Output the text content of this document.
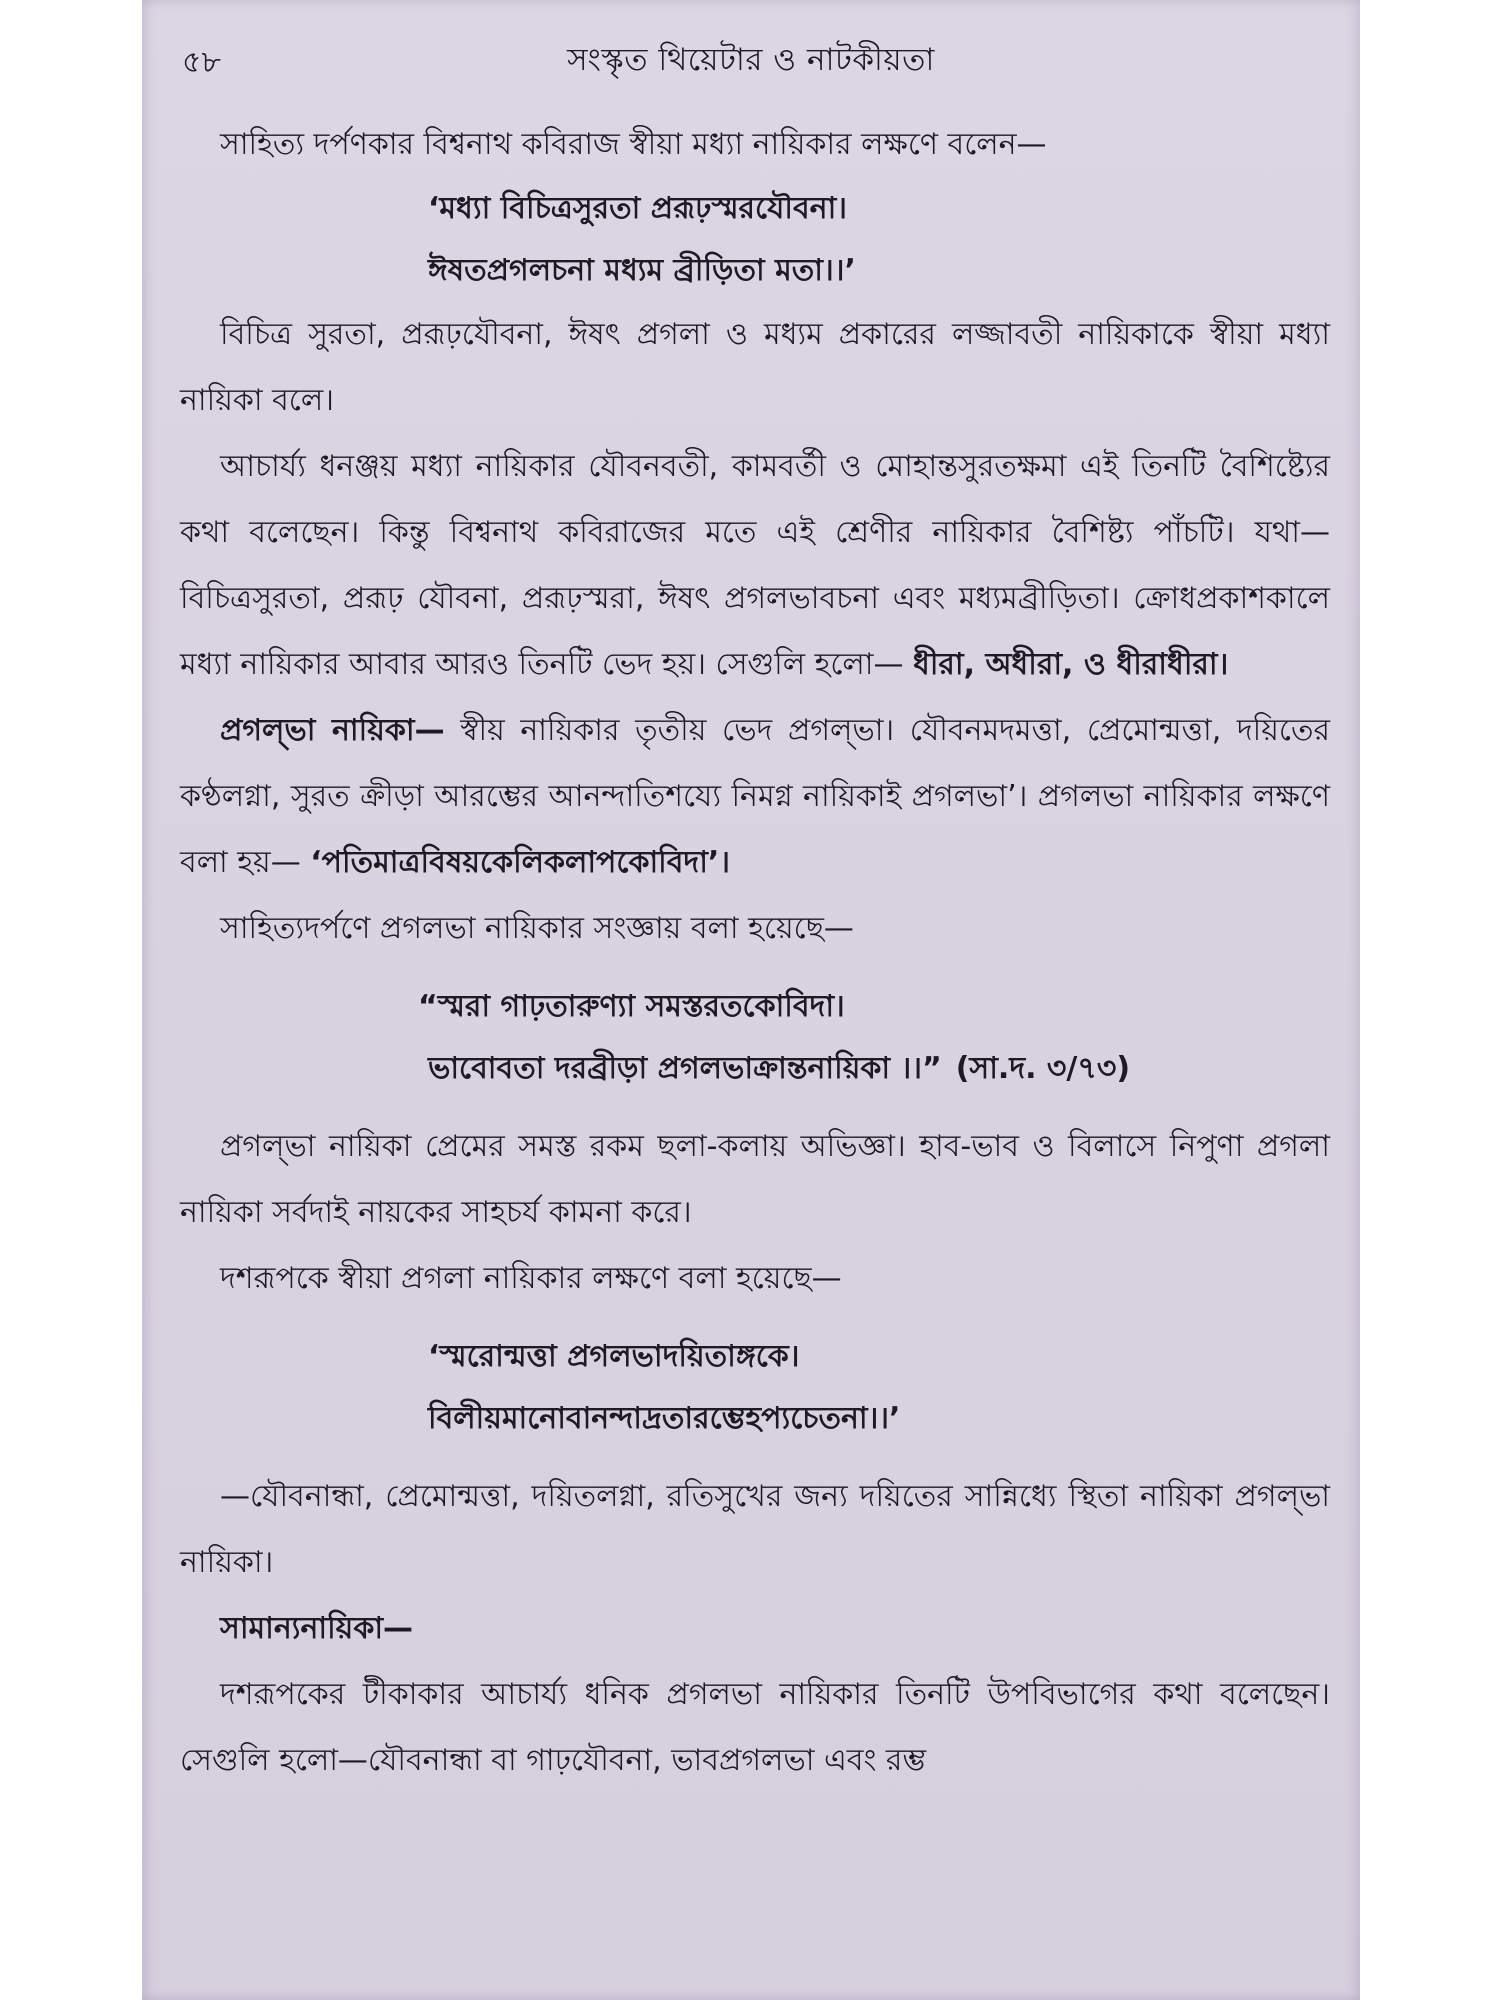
৫৮	সংস্কৃত থিয়েটার ও নাটকীয়তা

সাহিত্য দর্পণকার বিশ্বনাথ কবিরাজ স্বীয়া মধ্যা নায়িকার লক্ষণে বলেন—

‘মধ্যা বিচিত্রসুরতা প্ররূঢ়স্মরযৌবনা।
ঈষতপ্রগলচনা মধ্যম ব্রীড়িতা মতা।।’

বিচিত্র সুরতা, প্ররূঢ়যৌবনা, ঈষৎ প্রগলা ও মধ্যম প্রকারের লজ্জাবতী নায়িকাকে স্বীয়া মধ্যা নায়িকা বলে।

আচার্য্য ধনঞ্জয় মধ্যা নায়িকার যৌবনবতী, কামবর্তী ও মোহান্তসুরতক্ষমা এই তিনটি বৈশিষ্ট্যের কথা বলেছেন। কিন্তু বিশ্বনাথ কবিরাজের মতে এই শ্রেণীর নায়িকার বৈশিষ্ট্য পাঁচটি। যথা— বিচিত্রসুরতা, প্ররূঢ় যৌবনা, প্ররূঢ়স্মরা, ঈষৎ প্রগলভাবচনা এবং মধ্যমব্রীড়িতা। ক্রোধপ্রকাশকালে মধ্যা নায়িকার আবার আরও তিনটি ভেদ হয়। সেগুলি হলো— ধীরা, অধীরা, ও ধীরাধীরা।

প্রগল্ভা নায়িকা— স্বীয় নায়িকার তৃতীয় ভেদ প্রগল্ভা। যৌবনমদমত্তা, প্রেমোন্মত্তা, দয়িতের কণ্ঠলগ্না, সুরত ক্রীড়া আরম্ভের আনন্দাতিশয্যে নিমগ্ন নায়িকাই প্রগলভা’। প্রগলভা নায়িকার লক্ষণে বলা হয়— ‘পতিমাত্রবিষয়কেলিকলাপকোবিদা’।

সাহিত্যদর্পণে প্রগলভা নায়িকার সংজ্ঞায় বলা হয়েছে—

“স্মরা গাঢ়তারুণ্যা সমস্তরতকোবিদা।
ভাবোবতা দরব্রীড়া প্রগলভাক্রান্তনায়িকা ।।” (সা.দ. ৩/৭৩)

প্রগল্ভা নায়িকা প্রেমের সমস্ত রকম ছলা-কলায় অভিজ্ঞা। হাব-ভাব ও বিলাসে নিপুণা প্রগলা নায়িকা সর্বদাই নায়কের সাহচর্য কামনা করে।

দশরূপকে স্বীয়া প্রগলা নায়িকার লক্ষণে বলা হয়েছে—

‘স্মরোন্মত্তা প্রগলভাদয়িতাঙ্গকে।
বিলীয়মানোবানন্দাদ্রতারম্ভেহপ্যচেতনা।।’

—যৌবনান্ধা, প্রেমোন্মত্তা, দয়িতলগ্না, রতিসুখের জন্য দয়িতের সান্নিধ্যে স্থিতা নায়িকা প্রগল্ভা নায়িকা।

সামান্যনায়িকা—

দশরূপকের টীকাকার আচার্য্য ধনিক প্রগলভা নায়িকার তিনটি উপবিভাগের কথা বলেছেন। সেগুলি হলো—যৌবনান্ধা বা গাঢ়যৌবনা, ভাবপ্রগলভা এবং রম্ভ
